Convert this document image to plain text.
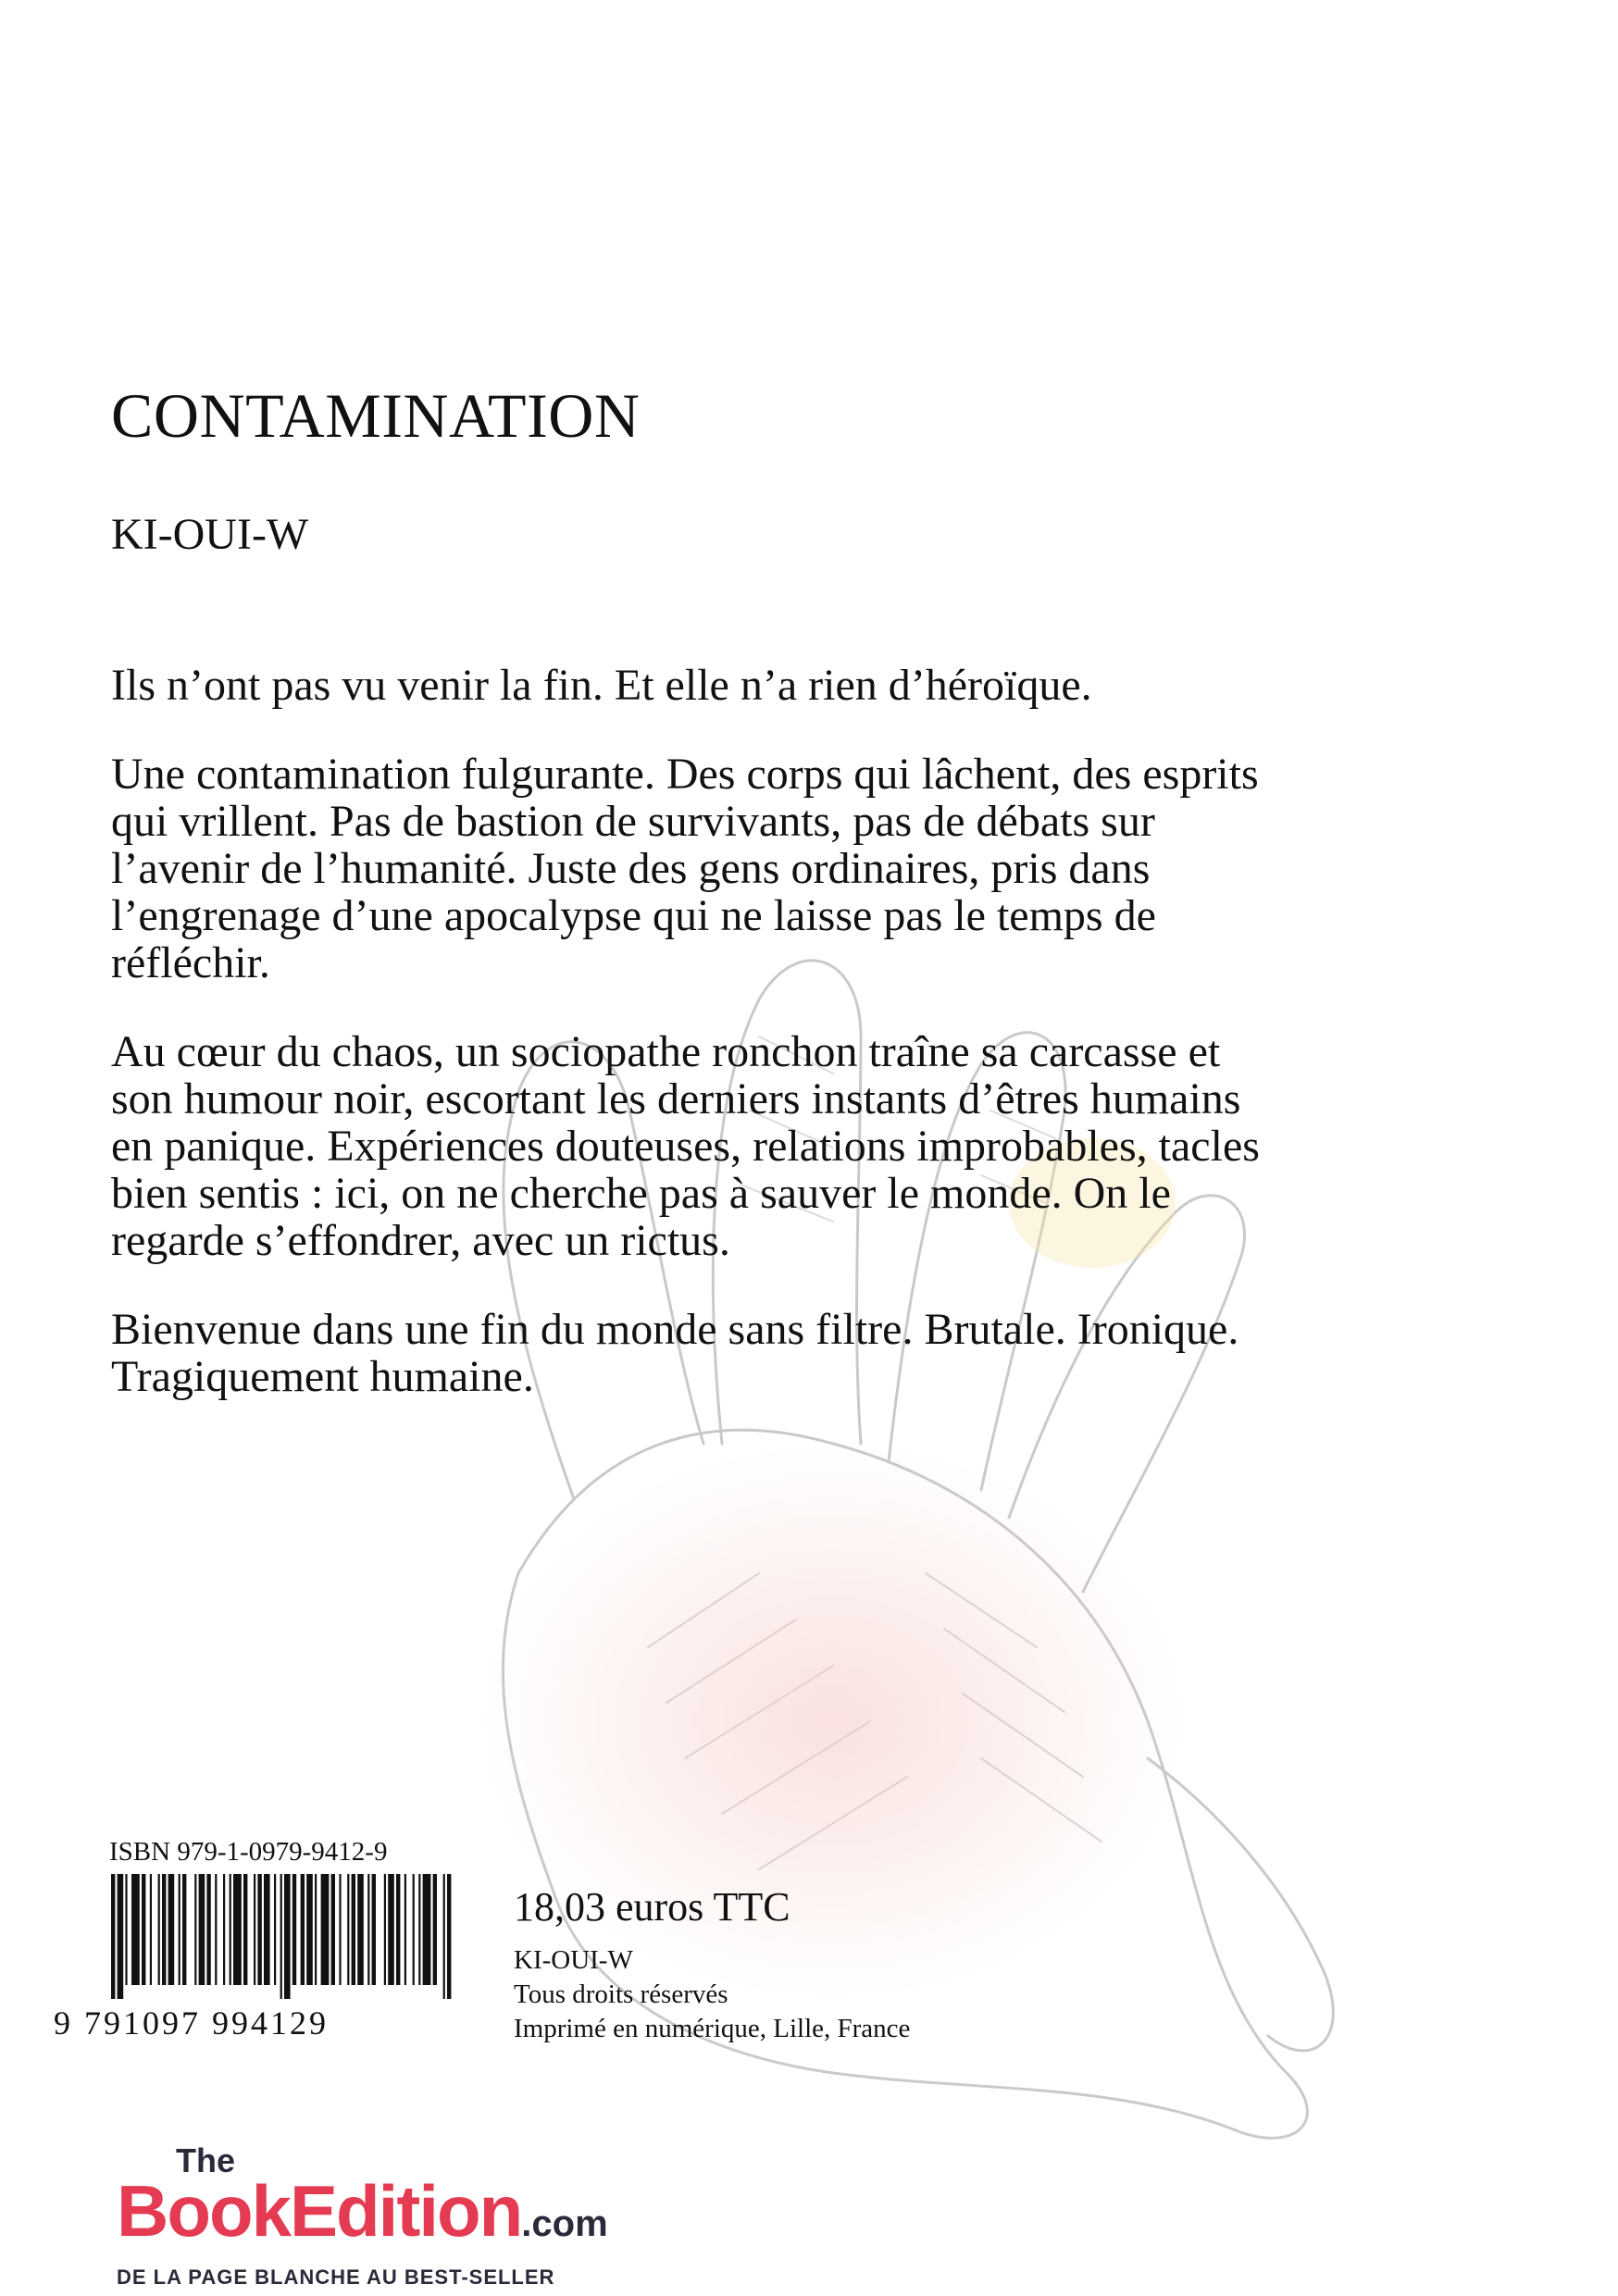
CONTAMINATION
KI-OUI-W

Ils n’ont pas vu venir la fin. Et elle n’a rien d’héroïque.

Une contamination fulgurante. Des corps qui lâchent, des esprits qui vrillent. Pas de bastion de survivants, pas de débats sur l’avenir de l’humanité. Juste des gens ordinaires, pris dans l’engrenage d’une apocalypse qui ne laisse pas le temps de réfléchir.

Au cœur du chaos, un sociopathe ronchon traîne sa carcasse et son humour noir, escortant les derniers instants d’êtres humains en panique. Expériences douteuses, relations improbables, tacles bien sentis : ici, on ne cherche pas à sauver le monde. On le regarde s’effondrer, avec un rictus.

Bienvenue dans une fin du monde sans filtre. Brutale. Ironique. Tragiquement humaine.

ISBN 979-1-0979-9412-9
9 791097 994129
18,03 euros TTC
KI-OUI-W
Tous droits réservés
Imprimé en numérique, Lille, France
The
BookEdition.com
DE LA PAGE BLANCHE AU BEST-SELLER
